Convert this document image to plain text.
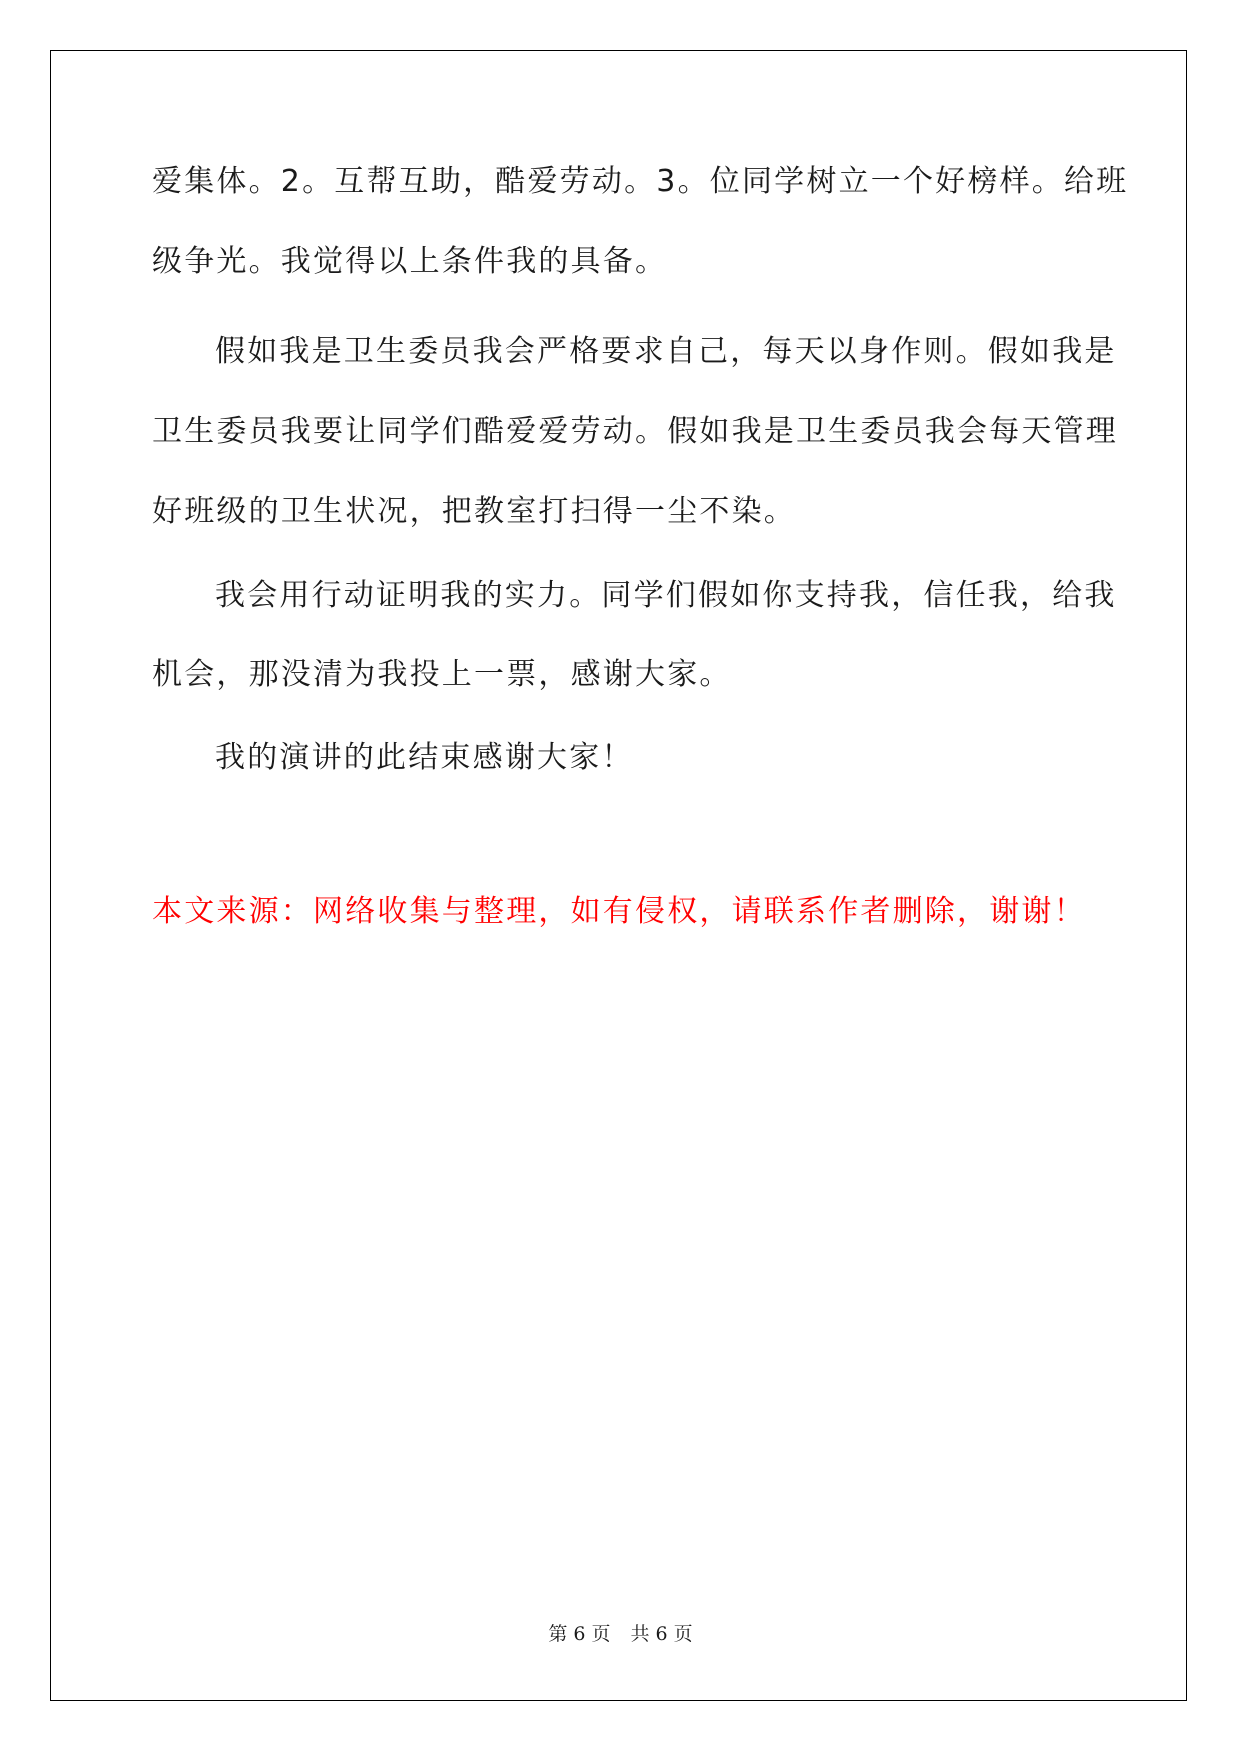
爱集体。2。互帮互助，酷爱劳动。3。位同学树立一个好榜样。给班
级争光。我觉得以上条件我的具备。
假如我是卫生委员我会严格要求自己，每天以身作则。假如我是
卫生委员我要让同学们酷爱爱劳动。假如我是卫生委员我会每天管理
好班级的卫生状况，把教室打扫得一尘不染。
我会用行动证明我的实力。同学们假如你支持我，信任我，给我
机会，那没清为我投上一票，感谢大家。
我的演讲的此结束感谢大家！
本文来源：网络收集与整理，如有侵权，请联系作者删除，谢谢！
第 6 页 共 6 页
